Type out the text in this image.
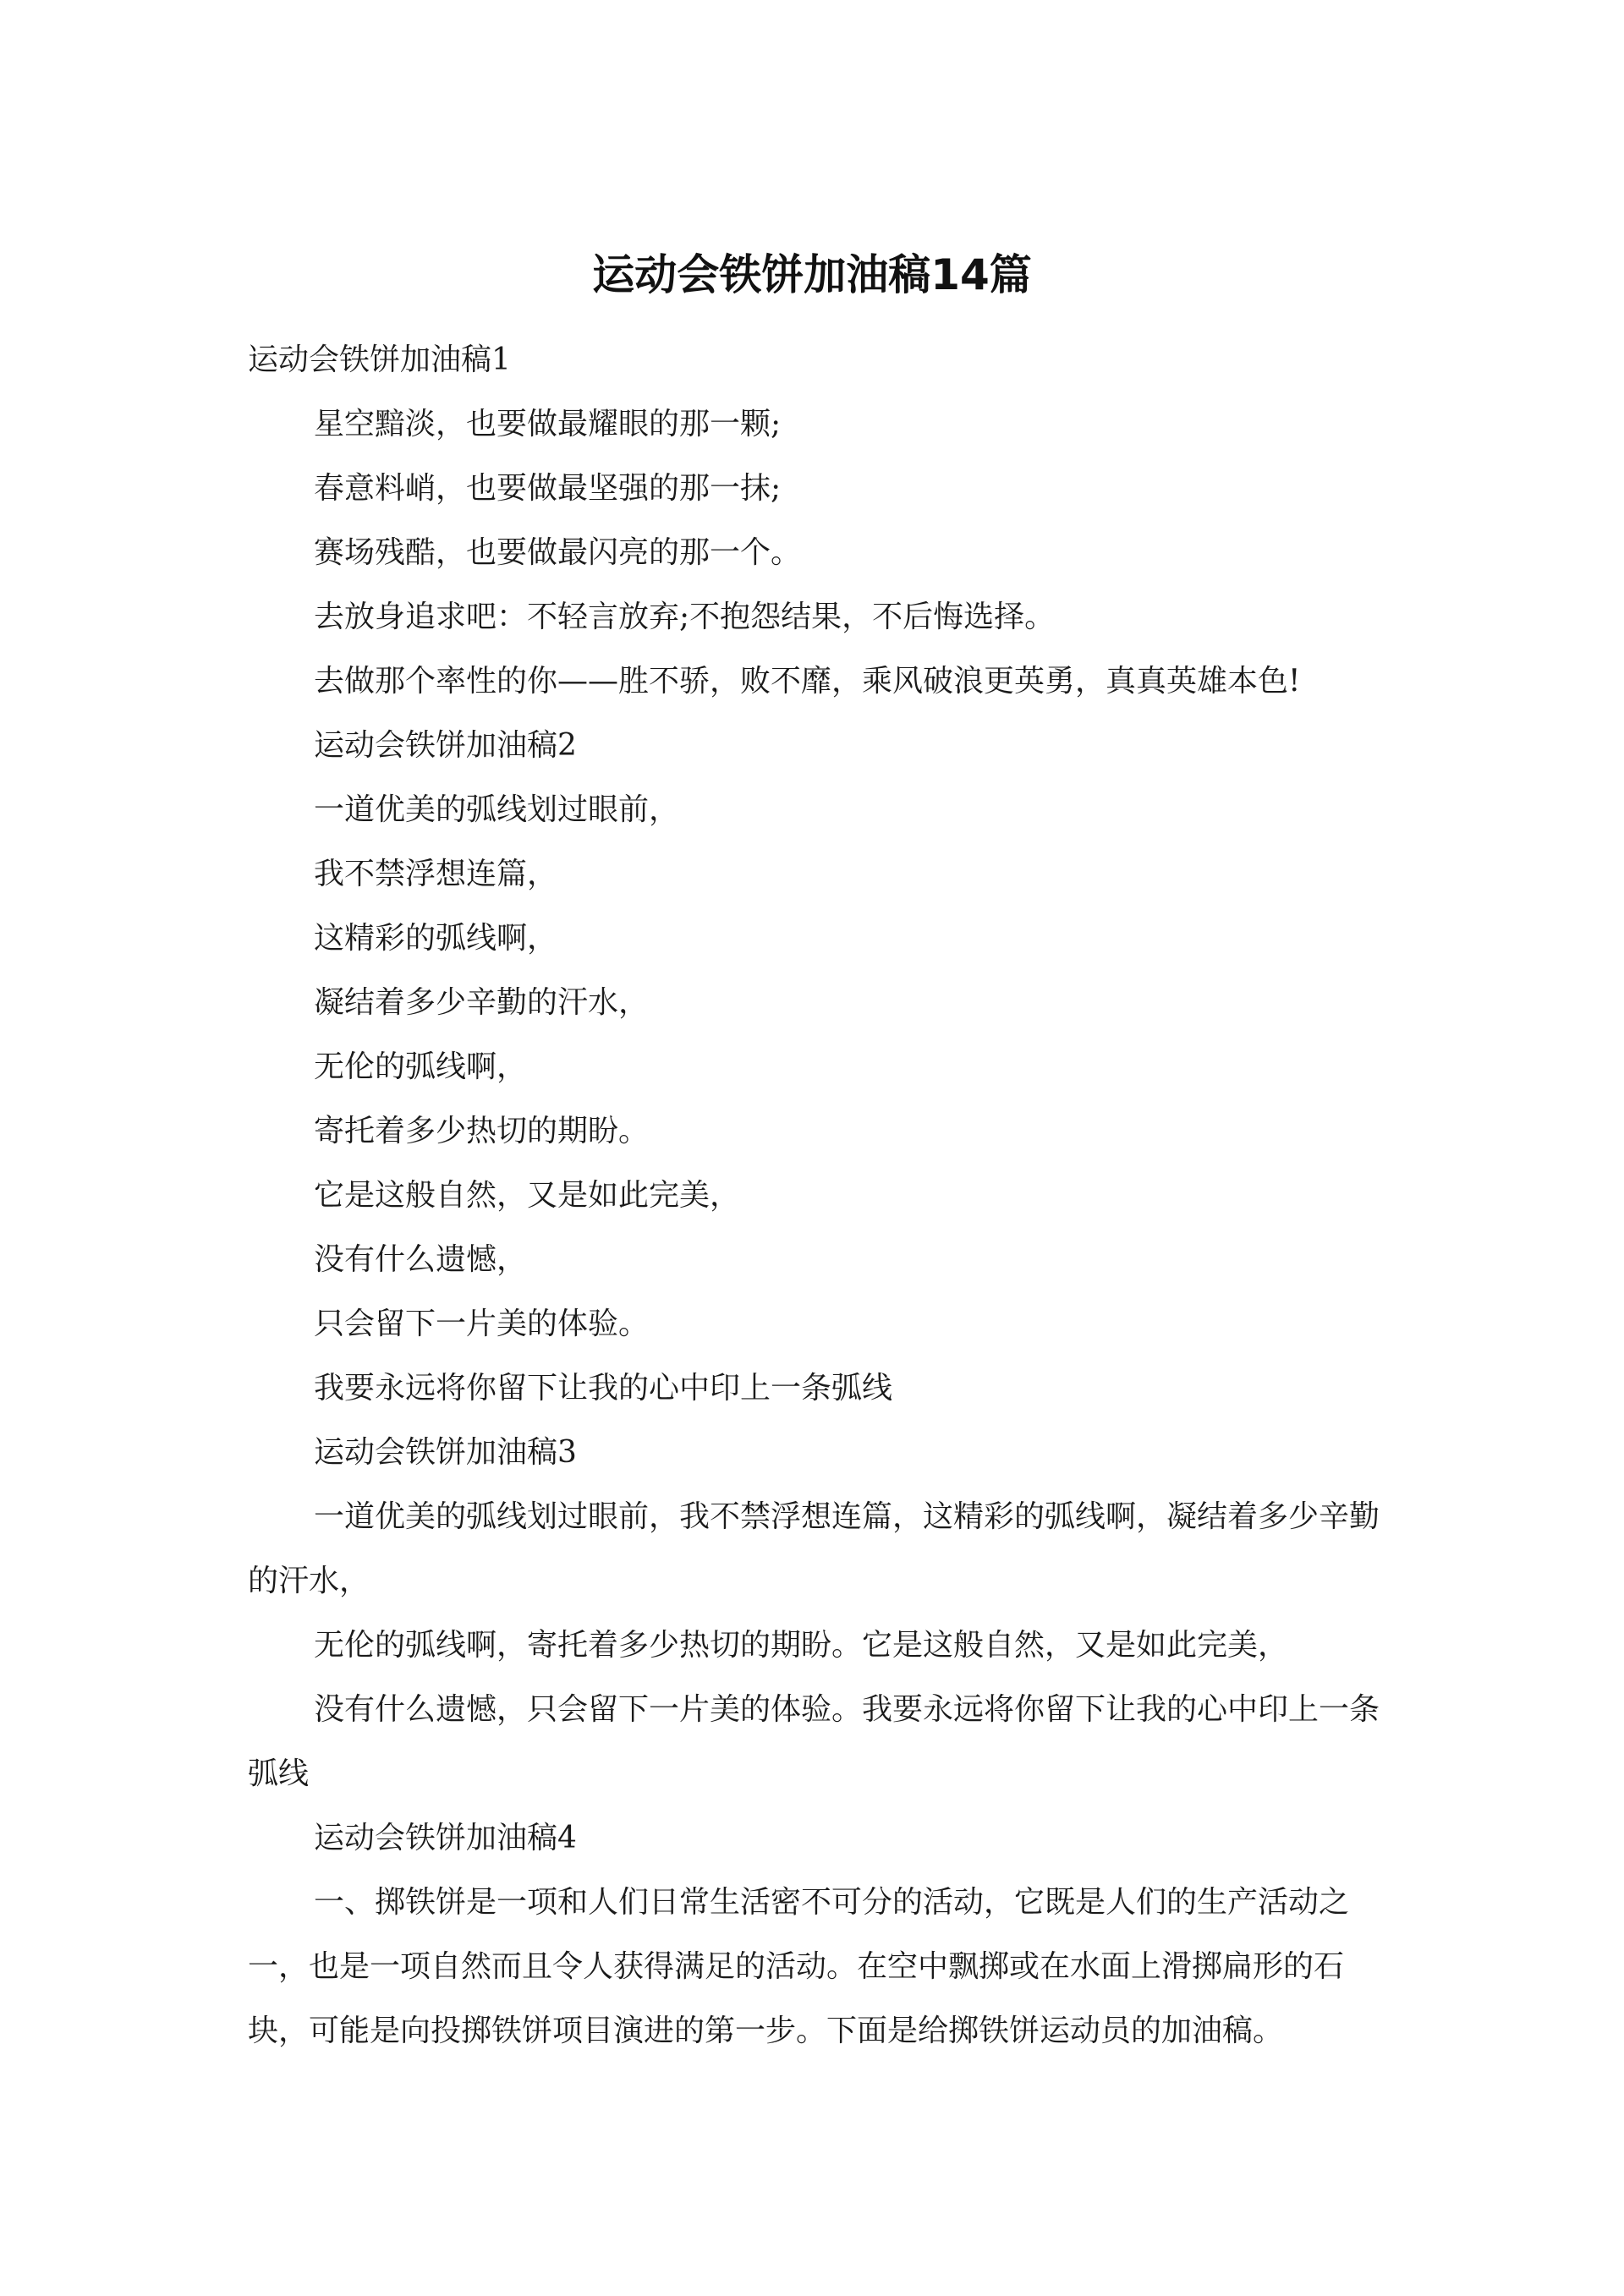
运动会铁饼加油稿14篇

运动会铁饼加油稿1

星空黯淡，也要做最耀眼的那一颗;

春意料峭，也要做最坚强的那一抹;

赛场残酷，也要做最闪亮的那一个。

去放身追求吧：不轻言放弃;不抱怨结果，不后悔选择。

去做那个率性的你——胜不骄，败不靡，乘风破浪更英勇，真真英雄本色!

运动会铁饼加油稿2

一道优美的弧线划过眼前，

我不禁浮想连篇，

这精彩的弧线啊，

凝结着多少辛勤的汗水，

无伦的弧线啊，

寄托着多少热切的期盼。

它是这般自然，又是如此完美，

没有什么遗憾，

只会留下一片美的体验。

我要永远将你留下让我的心中印上一条弧线

运动会铁饼加油稿3

一道优美的弧线划过眼前，我不禁浮想连篇，这精彩的弧线啊，凝结着多少辛勤的汗水，

无伦的弧线啊，寄托着多少热切的期盼。它是这般自然，又是如此完美，

没有什么遗憾，只会留下一片美的体验。我要永远将你留下让我的心中印上一条弧线

运动会铁饼加油稿4

一、掷铁饼是一项和人们日常生活密不可分的活动，它既是人们的生产活动之一，也是一项自然而且令人获得满足的活动。在空中飘掷或在水面上滑掷扁形的石块，可能是向投掷铁饼项目演进的第一步。下面是给掷铁饼运动员的加油稿。
